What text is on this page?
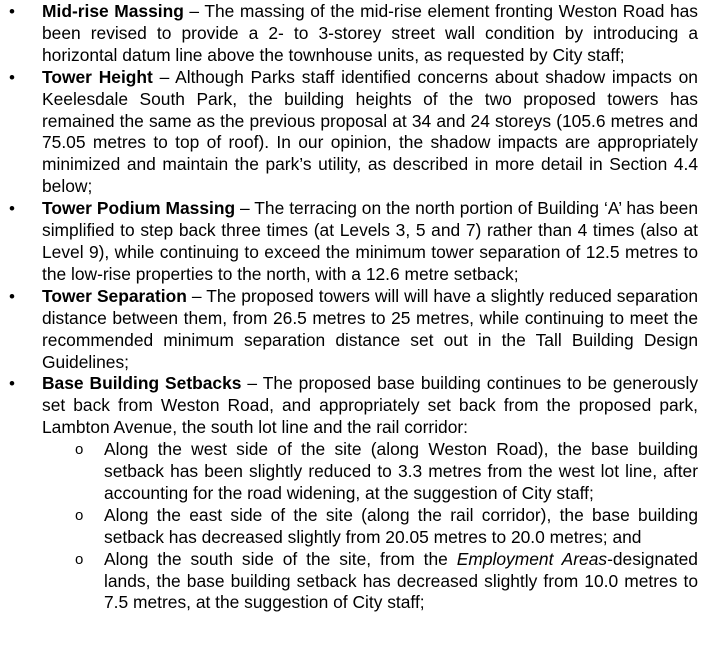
• Mid-rise Massing – The massing of the mid-rise element fronting Weston Road has been revised to provide a 2- to 3-storey street wall condition by introducing a horizontal datum line above the townhouse units, as requested by City staff;
• Tower Height – Although Parks staff identified concerns about shadow impacts on Keelesdale South Park, the building heights of the two proposed towers has remained the same as the previous proposal at 34 and 24 storeys (105.6 metres and 75.05 metres to top of roof). In our opinion, the shadow impacts are appropriately minimized and maintain the park’s utility, as described in more detail in Section 4.4 below;
• Tower Podium Massing – The terracing on the north portion of Building ‘A’ has been simplified to step back three times (at Levels 3, 5 and 7) rather than 4 times (also at Level 9), while continuing to exceed the minimum tower separation of 12.5 metres to the low-rise properties to the north, with a 12.6 metre setback;
• Tower Separation – The proposed towers will will have a slightly reduced separation distance between them, from 26.5 metres to 25 metres, while continuing to meet the recommended minimum separation distance set out in the Tall Building Design Guidelines;
• Base Building Setbacks – The proposed base building continues to be generously set back from Weston Road, and appropriately set back from the proposed park, Lambton Avenue, the south lot line and the rail corridor:
o Along the west side of the site (along Weston Road), the base building setback has been slightly reduced to 3.3 metres from the west lot line, after accounting for the road widening, at the suggestion of City staff;
o Along the east side of the site (along the rail corridor), the base building setback has decreased slightly from 20.05 metres to 20.0 metres; and
o Along the south side of the site, from the Employment Areas-designated lands, the base building setback has decreased slightly from 10.0 metres to 7.5 metres, at the suggestion of City staff;
